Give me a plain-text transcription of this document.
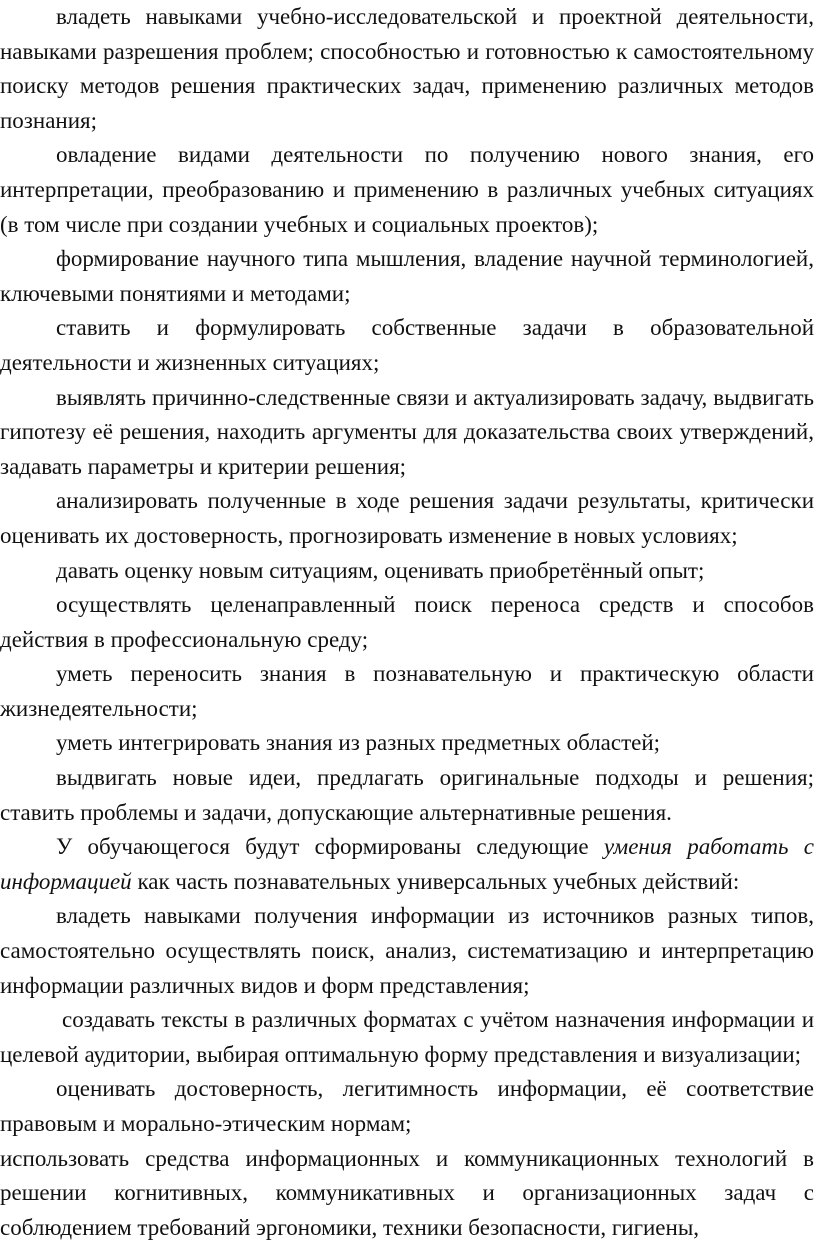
владеть навыками учебно-исследовательской и проектной деятельности, навыками разрешения проблем; способностью и готовностью к самостоятельному поиску методов решения практических задач, применению различных методов познания;

овладение видами деятельности по получению нового знания, его интерпретации, преобразованию и применению в различных учебных ситуациях (в том числе при создании учебных и социальных проектов);

формирование научного типа мышления, владение научной терминологией, ключевыми понятиями и методами;

ставить и формулировать собственные задачи в образовательной деятельности и жизненных ситуациях;

выявлять причинно-следственные связи и актуализировать задачу, выдвигать гипотезу её решения, находить аргументы для доказательства своих утверждений, задавать параметры и критерии решения;

анализировать полученные в ходе решения задачи результаты, критически оценивать их достоверность, прогнозировать изменение в новых условиях;

давать оценку новым ситуациям, оценивать приобретённый опыт;

осуществлять целенаправленный поиск переноса средств и способов действия в профессиональную среду;

уметь переносить знания в познавательную и практическую области жизнедеятельности;

уметь интегрировать знания из разных предметных областей;

выдвигать новые идеи, предлагать оригинальные подходы и решения; ставить проблемы и задачи, допускающие альтернативные решения.

У обучающегося будут сформированы следующие умения работать с информацией как часть познавательных универсальных учебных действий:

владеть навыками получения информации из источников разных типов, самостоятельно осуществлять поиск, анализ, систематизацию и интерпретацию информации различных видов и форм представления;

создавать тексты в различных форматах с учётом назначения информации и целевой аудитории, выбирая оптимальную форму представления и визуализации;

оценивать достоверность, легитимность информации, её соответствие правовым и морально-этическим нормам;

использовать средства информационных и коммуникационных технологий в решении когнитивных, коммуникативных и организационных задач с соблюдением требований эргономики, техники безопасности, гигиены,
